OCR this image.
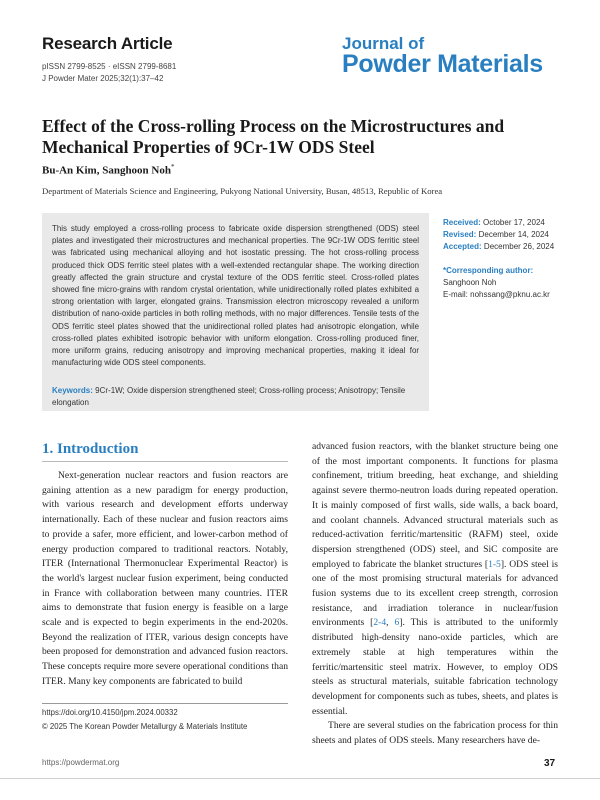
Research Article
pISSN 2799-8525 · eISSN 2799-8681
J Powder Mater 2025;32(1):37–42
Journal of
Powder Materials
Effect of the Cross-rolling Process on the Microstructures and Mechanical Properties of 9Cr-1W ODS Steel
Bu-An Kim, Sanghoon Noh*
Department of Materials Science and Engineering, Pukyong National University, Busan, 48513, Republic of Korea
This study employed a cross-rolling process to fabricate oxide dispersion strengthened (ODS) steel plates and investigated their microstructures and mechanical properties. The 9Cr-1W ODS ferritic steel was fabricated using mechanical alloying and hot isostatic pressing. The hot cross-rolling process produced thick ODS ferritic steel plates with a well-extended rectangular shape. The working direction greatly affected the grain structure and crystal texture of the ODS ferritic steel. Cross-rolled plates showed fine micro-grains with random crystal orientation, while unidirectionally rolled plates exhibited a strong orientation with larger, elongated grains. Transmission electron microscopy revealed a uniform distribution of nano-oxide particles in both rolling methods, with no major differences. Tensile tests of the ODS ferritic steel plates showed that the unidirectional rolled plates had anisotropic elongation, while cross-rolled plates exhibited isotropic behavior with uniform elongation. Cross-rolling produced finer, more uniform grains, reducing anisotropy and improving mechanical properties, making it ideal for manufacturing wide ODS steel components.
Keywords: 9Cr-1W; Oxide dispersion strengthened steel; Cross-rolling process; Anisotropy; Tensile elongation
Received: October 17, 2024
Revised: December 14, 2024
Accepted: December 26, 2024
*Corresponding author:
Sanghoon Noh
E-mail: nohssang@pknu.ac.kr
1. Introduction

Next-generation nuclear reactors and fusion reactors are gaining attention as a new paradigm for energy production, with various research and development efforts underway internationally. Each of these nuclear and fusion reactors aims to provide a safer, more efficient, and lower-carbon method of energy production compared to traditional reactors. Notably, ITER (International Thermonuclear Experimental Reactor) is the world's largest nuclear fusion experiment, being conducted in France with collaboration between many countries. ITER aims to demonstrate that fusion energy is feasible on a large scale and is expected to begin experiments in the end-2020s. Beyond the realization of ITER, various design concepts have been proposed for demonstration and advanced fusion reactors. These concepts require more severe operational conditions than ITER. Many key components are fabricated to build

advanced fusion reactors, with the blanket structure being one of the most important components. It functions for plasma confinement, tritium breeding, heat exchange, and shielding against severe thermo-neutron loads during repeated operation. It is mainly composed of first walls, side walls, a back board, and coolant channels. Advanced structural materials such as reduced-activation ferritic/martensitic (RAFM) steel, oxide dispersion strengthened (ODS) steel, and SiC composite are employed to fabricate the blanket structures [1-5]. ODS steel is one of the most promising structural materials for advanced fusion systems due to its excellent creep strength, corrosion resistance, and irradiation tolerance in nuclear/fusion environments [2-4, 6]. This is attributed to the uniformly distributed high-density nano-oxide particles, which are extremely stable at high temperatures within the ferritic/martensitic steel matrix. However, to employ ODS steels as structural materials, suitable fabrication technology development for components such as tubes, sheets, and plates is essential.

There are several studies on the fabrication process for thin sheets and plates of ODS steels. Many researchers have de-

https://doi.org/10.4150/jpm.2024.00332
© 2025 The Korean Powder Metallurgy & Materials Institute
https://powdermat.org	37
